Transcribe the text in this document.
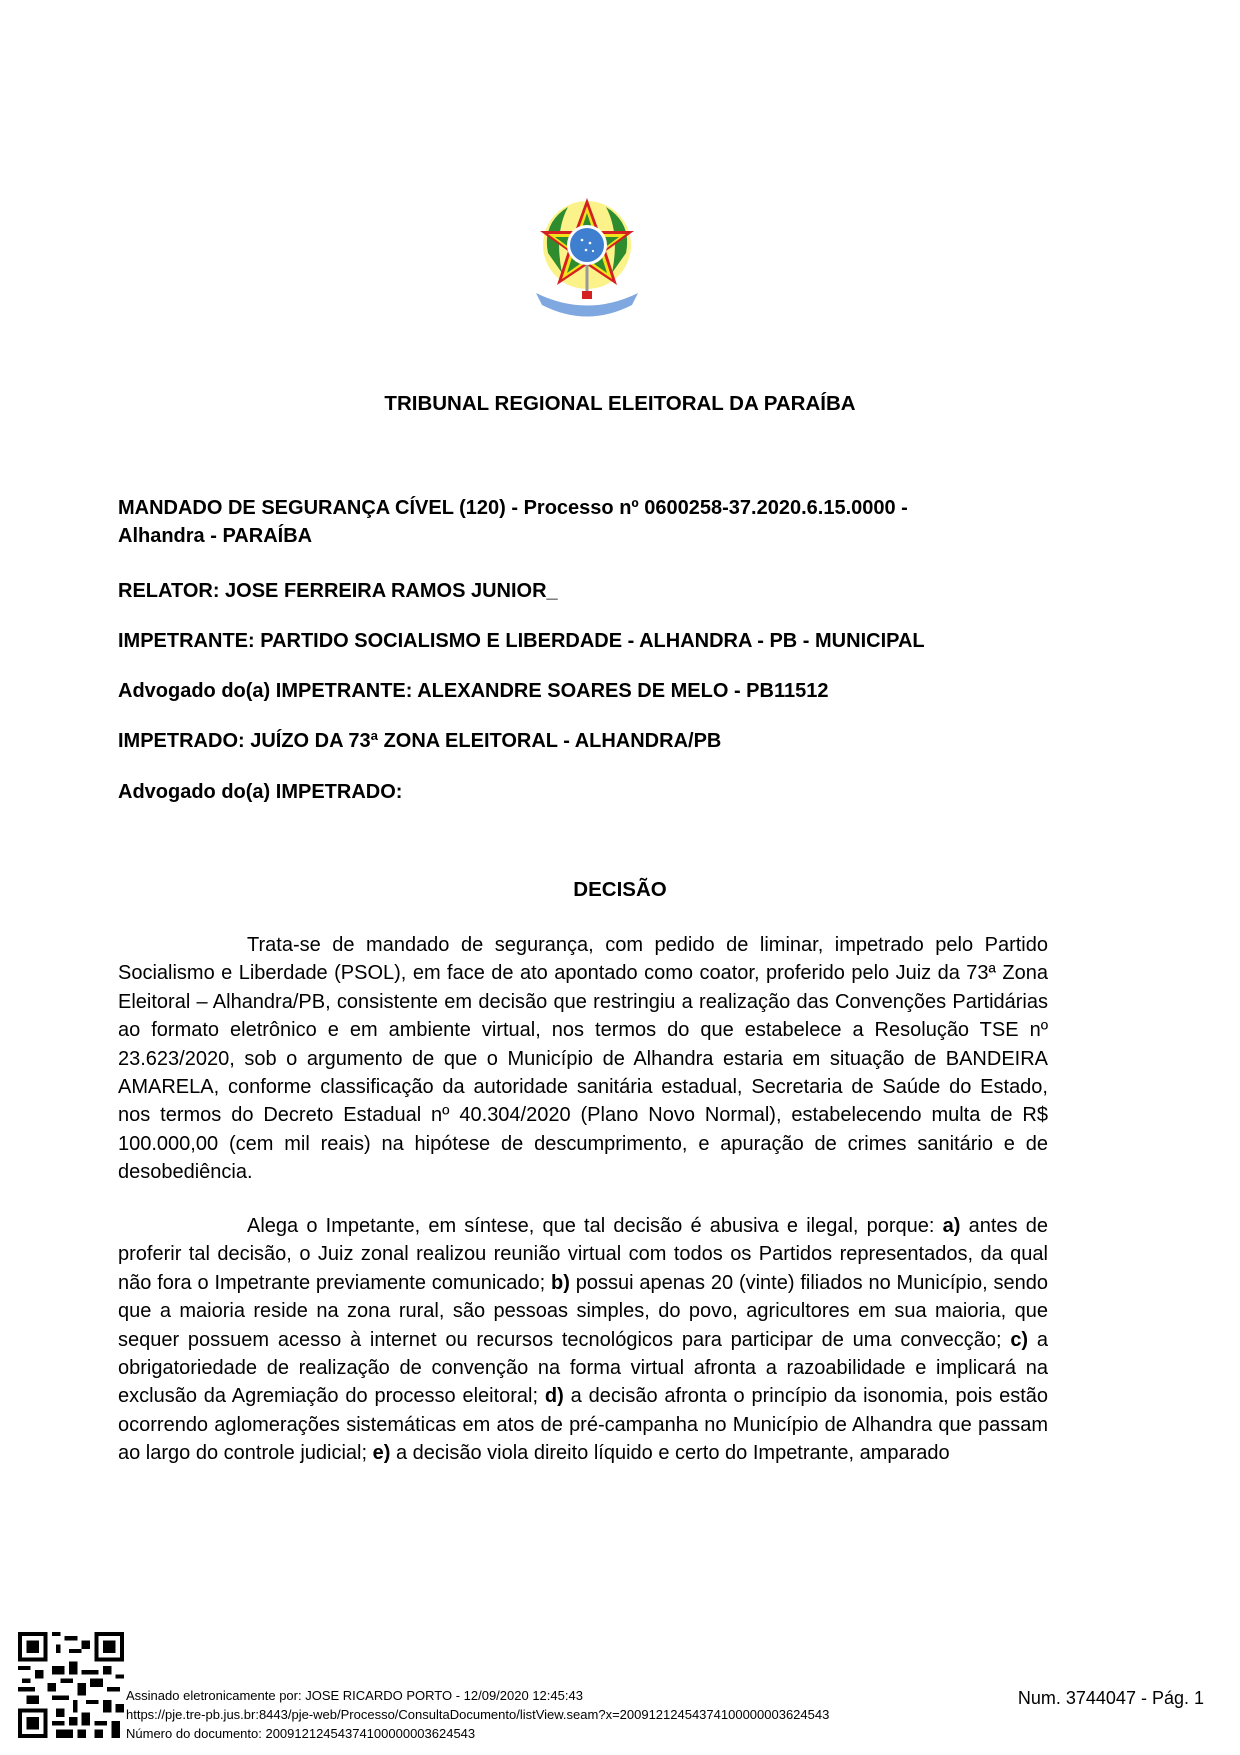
TRIBUNAL REGIONAL ELEITORAL DA PARAÍBA
MANDADO DE SEGURANÇA CÍVEL (120) - Processo nº 0600258-37.2020.6.15.0000 -
Alhandra - PARAÍBA
RELATOR: JOSE FERREIRA RAMOS JUNIOR_
IMPETRANTE: PARTIDO SOCIALISMO E LIBERDADE - ALHANDRA - PB - MUNICIPAL
Advogado do(a) IMPETRANTE: ALEXANDRE SOARES DE MELO - PB11512
IMPETRADO: JUÍZO DA 73ª ZONA ELEITORAL - ALHANDRA/PB
Advogado do(a) IMPETRADO:
DECISÃO
Trata-se de mandado de segurança, com pedido de liminar, impetrado pelo Partido Socialismo e Liberdade (PSOL), em face de ato apontado como coator, proferido pelo Juiz da 73ª Zona Eleitoral – Alhandra/PB, consistente em decisão que restringiu a realização das Convenções Partidárias ao formato eletrônico e em ambiente virtual, nos termos do que estabelece a Resolução TSE nº 23.623/2020, sob o argumento de que o Município de Alhandra estaria em situação de BANDEIRA AMARELA, conforme classificação da autoridade sanitária estadual, Secretaria de Saúde do Estado, nos termos do Decreto Estadual nº 40.304/2020 (Plano Novo Normal), estabelecendo multa de R$ 100.000,00 (cem mil reais) na hipótese de descumprimento, e apuração de crimes sanitário e de desobediência.
Alega o Impetante, em síntese, que tal decisão é abusiva e ilegal, porque: a) antes de proferir tal decisão, o Juiz zonal realizou reunião virtual com todos os Partidos representados, da qual não fora o Impetrante previamente comunicado; b) possui apenas 20 (vinte) filiados no Município, sendo que a maioria reside na zona rural, são pessoas simples, do povo, agricultores em sua maioria, que sequer possuem acesso à internet ou recursos tecnológicos para participar de uma convecção; c) a obrigatoriedade de realização de convenção na forma virtual afronta a razoabilidade e implicará na exclusão da Agremiação do processo eleitoral; d) a decisão afronta o princípio da isonomia, pois estão ocorrendo aglomerações sistemáticas em atos de pré-campanha no Município de Alhandra que passam ao largo do controle judicial; e) a decisão viola direito líquido e certo do Impetrante, amparado
Assinado eletronicamente por: JOSE RICARDO PORTO - 12/09/2020 12:45:43
https://pje.tre-pb.jus.br:8443/pje-web/Processo/ConsultaDocumento/listView.seam?x=20091212454374100000003624543
Número do documento: 20091212454374100000003624543
Num. 3744047 - Pág. 1
